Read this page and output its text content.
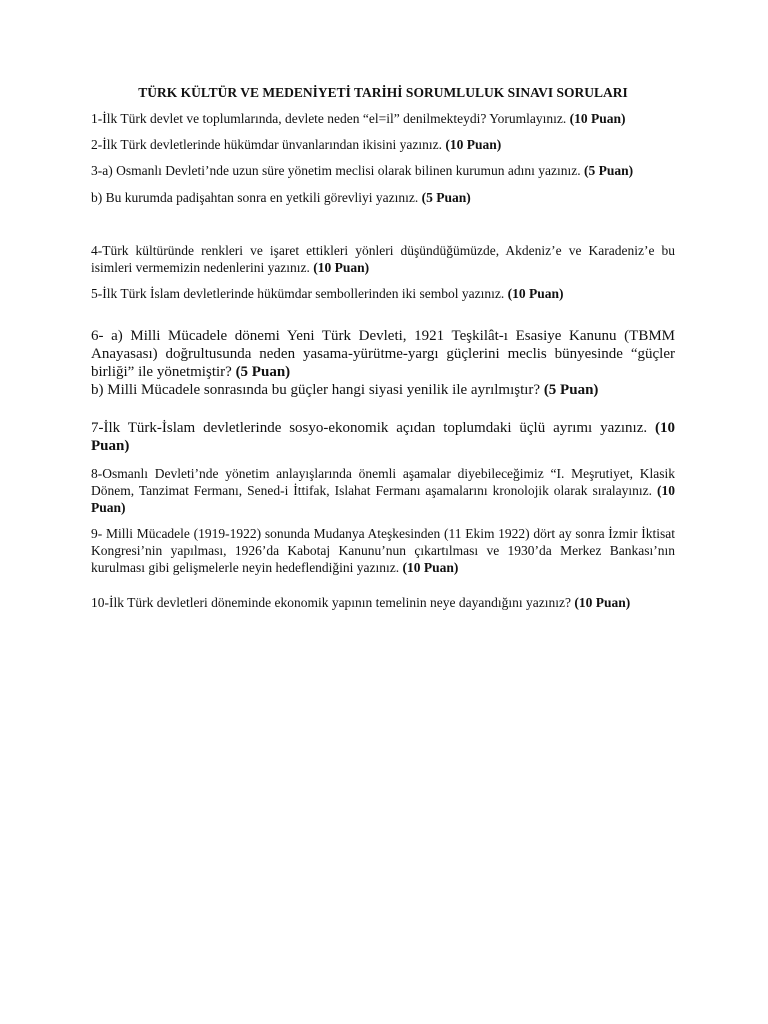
TÜRK KÜLTÜR VE MEDENİYETİ TARİHİ SORUMLULUK SINAVI SORULARI

1-İlk Türk devlet ve toplumlarında, devlete neden “el=il” denilmekteydi? Yorumlayınız. (10 Puan)

2-İlk Türk devletlerinde hükümdar ünvanlarından ikisini yazınız. (10 Puan)

3-a) Osmanlı Devleti’nde uzun süre yönetim meclisi olarak bilinen kurumun adını yazınız. (5 Puan)

b) Bu kurumda padişahtan sonra en yetkili görevliyi yazınız. (5 Puan)

4-Türk kültüründe renkleri ve işaret ettikleri yönleri düşündüğümüzde, Akdeniz’e ve Karadeniz’e bu isimleri vermemizin nedenlerini yazınız. (10 Puan)

5-İlk Türk İslam devletlerinde hükümdar sembollerinden iki sembol yazınız. (10 Puan)

6- a) Milli Mücadele dönemi Yeni Türk Devleti, 1921 Teşkilât-ı Esasiye Kanunu (TBMM Anayasası) doğrultusunda neden yasama-yürütme-yargı güçlerini meclis bünyesinde “güçler birliği” ile yönetmiştir? (5 Puan)

b) Milli Mücadele sonrasında bu güçler hangi siyasi yenilik ile ayrılmıştır? (5 Puan)

7-İlk Türk-İslam devletlerinde sosyo-ekonomik açıdan toplumdaki üçlü ayrımı yazınız. (10 Puan)

8-Osmanlı Devleti’nde yönetim anlayışlarında önemli aşamalar diyebileceğimiz “I. Meşrutiyet, Klasik Dönem, Tanzimat Fermanı, Sened-i İttifak, Islahat Fermanı aşamalarını kronolojik olarak sıralayınız. (10 Puan)

9- Milli Mücadele (1919-1922) sonunda Mudanya Ateşkesinden (11 Ekim 1922) dört ay sonra İzmir İktisat Kongresi’nin yapılması, 1926’da Kabotaj Kanunu’nun çıkartılması ve 1930’da Merkez Bankası’nın kurulması gibi gelişmelerle neyin hedeflendiğini yazınız. (10 Puan)

10-İlk Türk devletleri döneminde ekonomik yapının temelinin neye dayandığını yazınız? (10 Puan)
